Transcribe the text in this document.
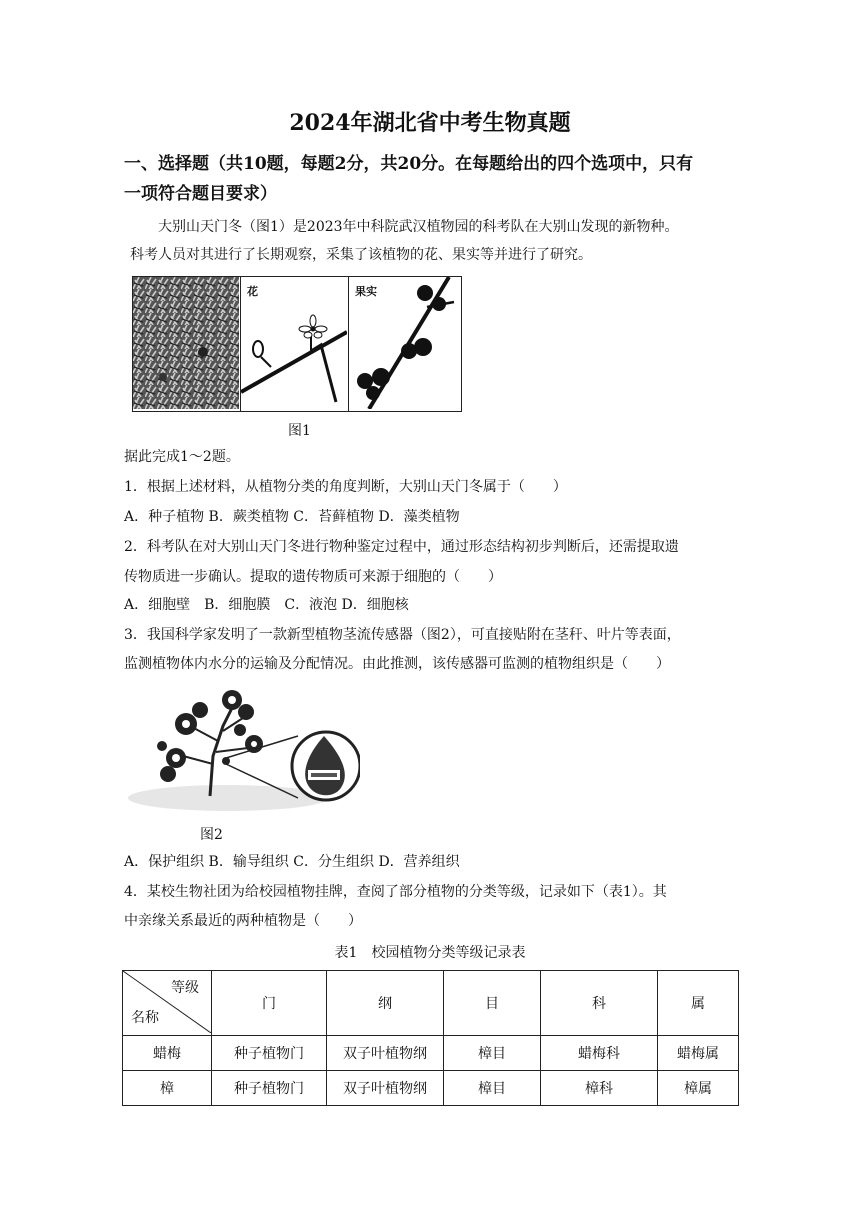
2024年湖北省中考生物真题
一、选择题（共10题，每题2分，共20分。在每题给出的四个选项中，只有
一项符合题目要求）
大别山天门冬（图1）是2023年中科院武汉植物园的科考队在大别山发现的新物种。
科考人员对其进行了长期观察，采集了该植物的花、果实等并进行了研究。
花	果实
图1
据此完成1～2题。
1．根据上述材料，从植物分类的角度判断，大别山天门冬属于（　　）
A．种子植物 B．蕨类植物 C．苔藓植物 D．藻类植物
2．科考队在对大别山天门冬进行物种鉴定过程中，通过形态结构初步判断后，还需提取遗
传物质进一步确认。提取的遗传物质可来源于细胞的（　　）
A．细胞壁　B．细胞膜　C．液泡 D．细胞核
3．我国科学家发明了一款新型植物茎流传感器（图2），可直接贴附在茎秆、叶片等表面，
监测植物体内水分的运输及分配情况。由此推测，该传感器可监测的植物组织是（　　）
图2
A．保护组织 B．输导组织 C．分生组织 D．营养组织
4．某校生物社团为给校园植物挂牌，查阅了部分植物的分类等级，记录如下（表1）。其
中亲缘关系最近的两种植物是（　　）
表1　校园植物分类等级记录表
等级
名称	门	纲	目	科	属
蜡梅	种子植物门	双子叶植物纲	樟目	蜡梅科	蜡梅属
樟	种子植物门	双子叶植物纲	樟目	樟科	樟属
